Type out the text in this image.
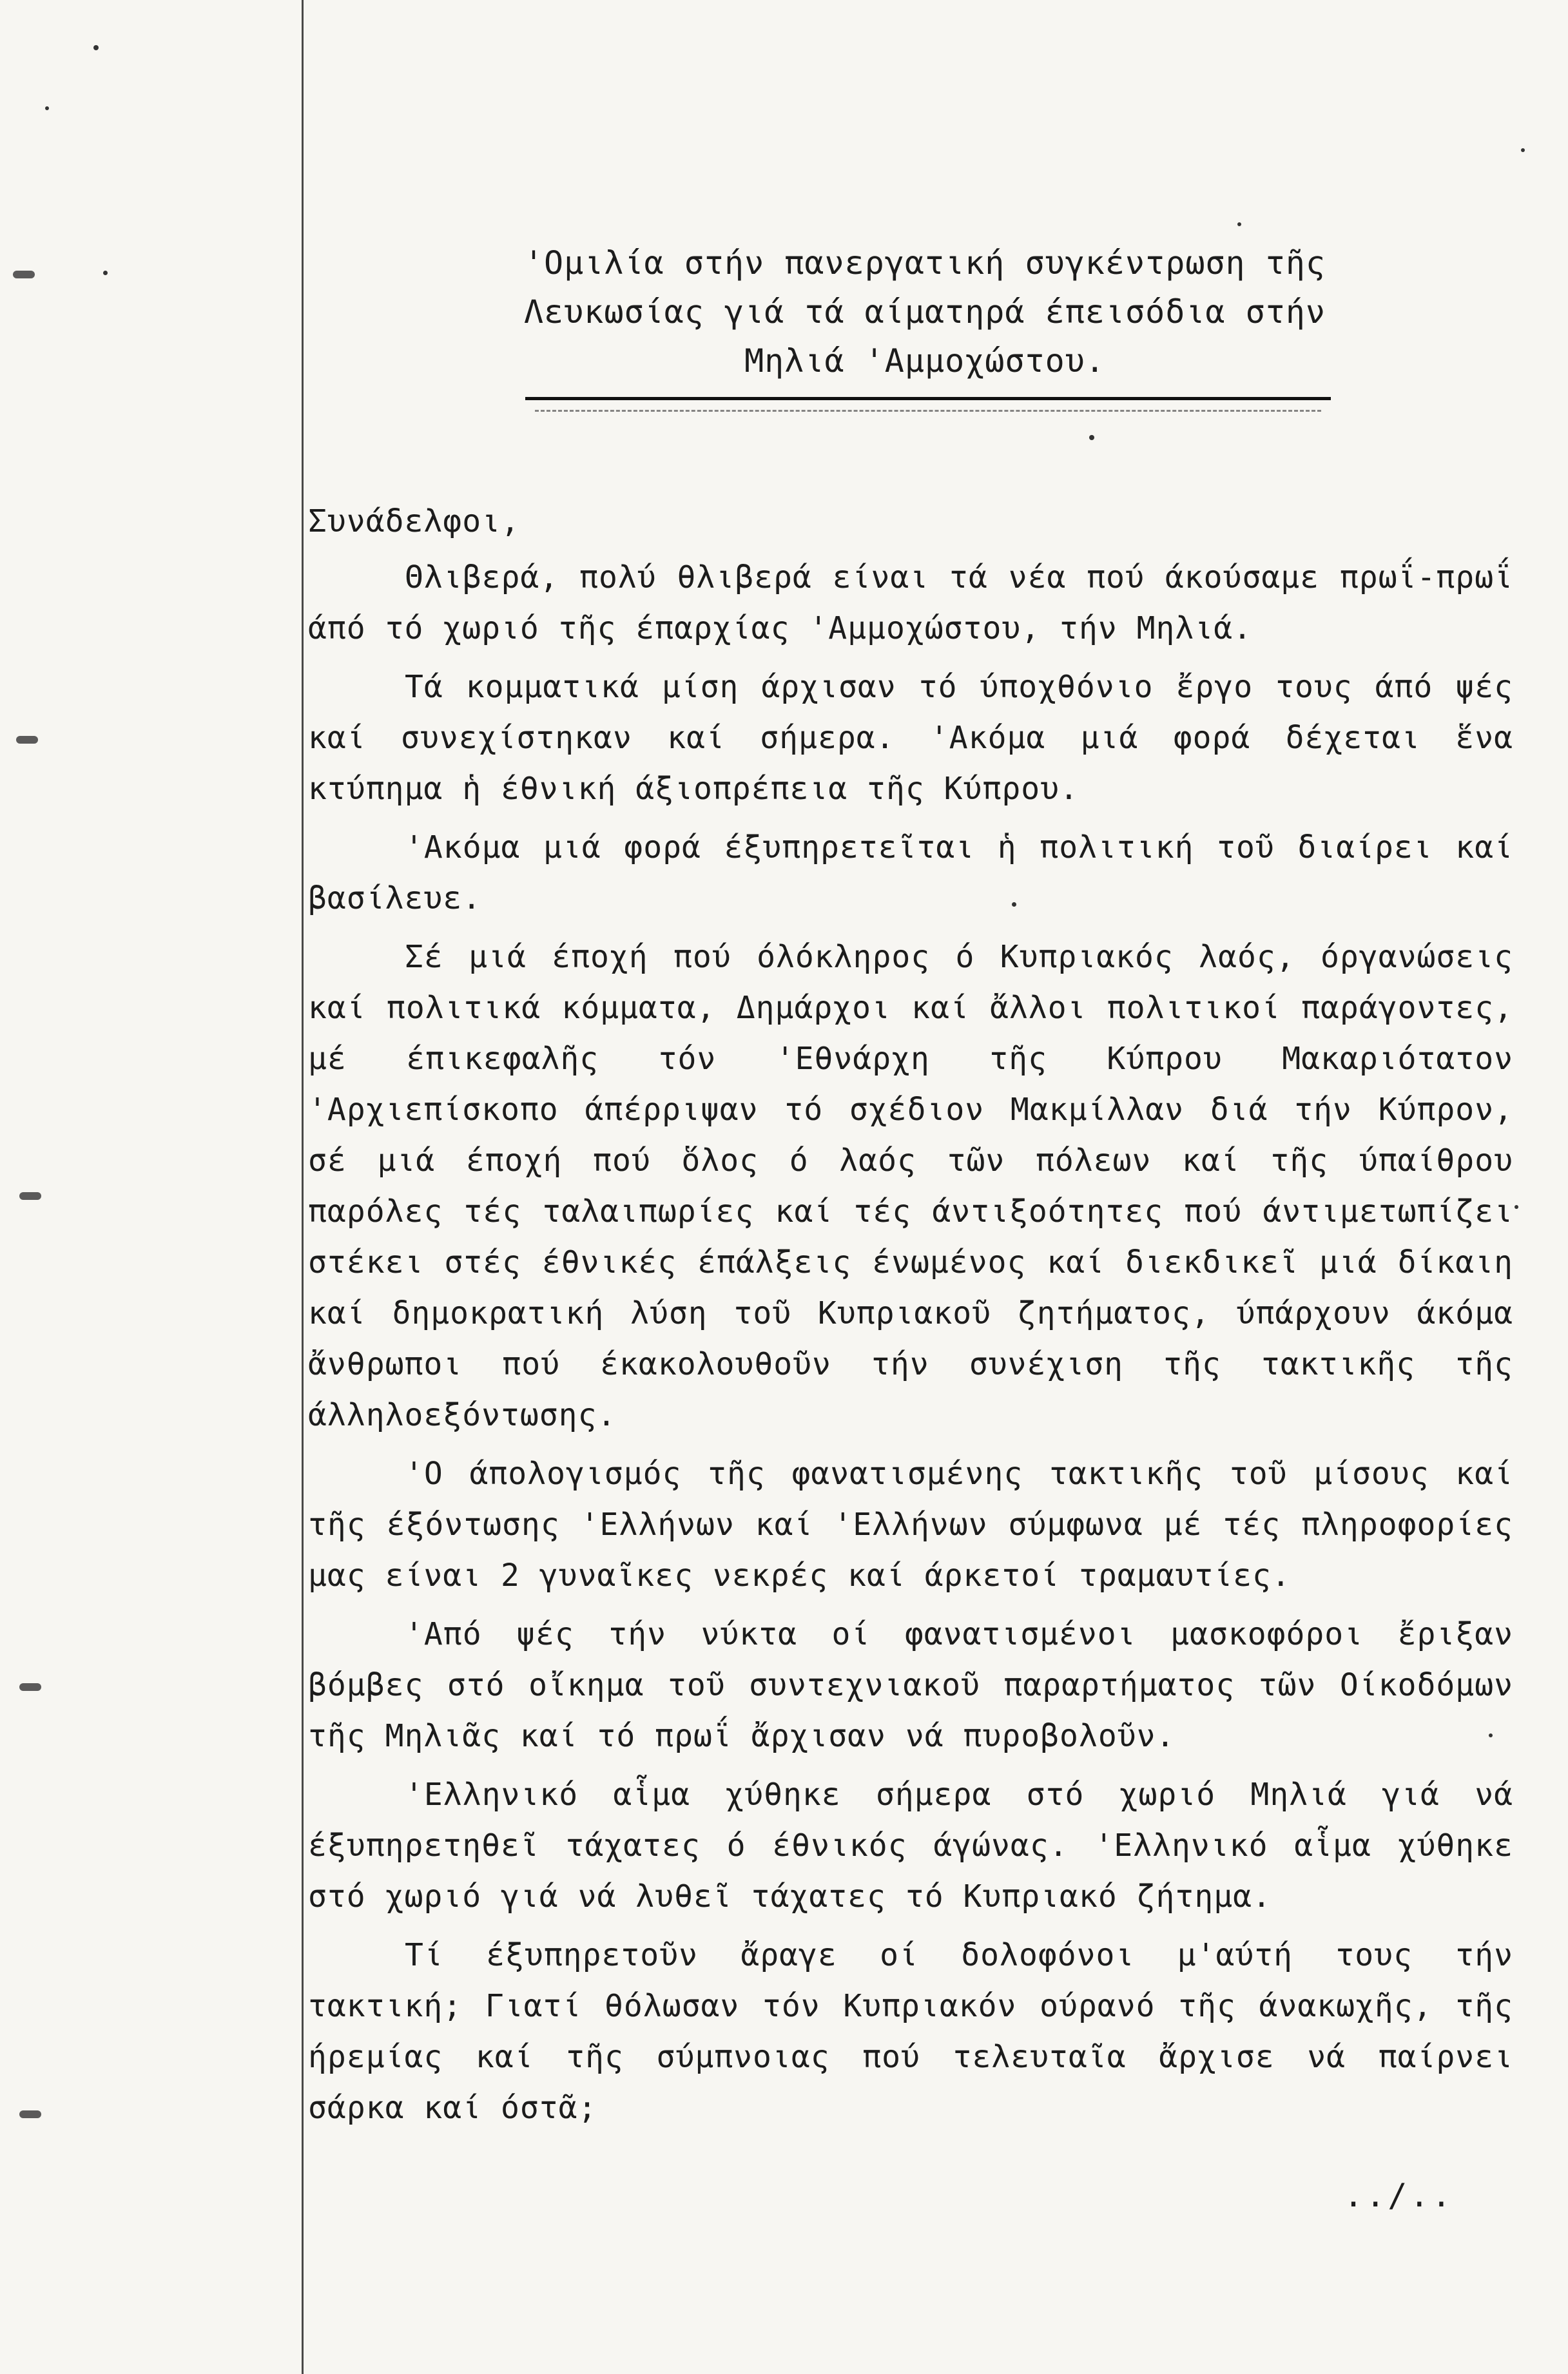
'Ομιλία στήν πανεργατική συγκέντρωση τῆς
Λευκωσίας γιά τά αίματηρά έπεισόδια στήν
Μηλιά 'Αμμοχώστου.

Συνάδελφοι,

Θλιβερά, πολύ θλιβερά είναι τά νέα πού άκούσαμε πρωΐ-πρωΐ άπό τό χωριό τῆς έπαρχίας 'Αμμοχώστου, τήν Μηλιά.

Τά κομματικά μίση άρχισαν τό ύποχθόνιο ἔργο τους άπό ψές καί συνεχίστηκαν καί σήμερα. 'Ακόμα μιά φορά δέχεται ἕνα κτύπημα ἡ έθνική άξιοπρέπεια τῆς Κύπρου.

'Ακόμα μιά φορά έξυπηρετεῖται ἡ πολιτική τοῦ διαίρει καί βασίλευε.

Σέ μιά έποχή πού όλόκληρος ό Κυπριακός λαός, όργανώσεις καί πολιτικά κόμματα, Δημάρχοι καί ἄλλοι πολιτικοί παράγοντες, μέ έπικεφαλῆς τόν 'Εθνάρχη τῆς Κύπρου Μακαριότατον 'Αρχιεπίσκοπο άπέρριψαν τό σχέδιον Μακμίλλαν διά τήν Κύπρον, σέ μιά έποχή πού ὅλος ό λαός τῶν πόλεων καί τῆς ύπαίθρου παρόλες τές ταλαιπωρίες καί τές άντιξοότητες πού άντιμετωπίζει στέκει στές έθνικές έπάλξεις ένωμένος καί διεκδικεῖ μιά δίκαιη καί δημοκρατική λύση τοῦ Κυπριακοῦ ζητήματος, ύπάρχουν άκόμα ἄνθρωποι πού έκακολουθοῦν τήν συνέχιση τῆς τακτικῆς τῆς άλληλοεξόντωσης.

'Ο άπολογισμός τῆς φανατισμένης τακτικῆς τοῦ μίσους καί τῆς έξόντωσης 'Ελλήνων καί 'Ελλήνων σύμφωνα μέ τές πληροφορίες μας είναι 2 γυναῖκες νεκρές καί άρκετοί τραμαυτίες.

'Από ψές τήν νύκτα οί φανατισμένοι μασκοφόροι ἔριξαν βόμβες στό οἴκημα τοῦ συντεχνιακοῦ παραρτήματος τῶν Οίκοδόμων τῆς Μηλιᾶς καί τό πρωΐ ἄρχισαν νά πυροβολοῦν.

'Ελληνικό αἷμα χύθηκε σήμερα στό χωριό Μηλιά γιά νά έξυπηρετηθεῖ τάχατες ό έθνικός άγώνας. 'Ελληνικό αἷμα χύθηκε στό χωριό γιά νά λυθεῖ τάχατες τό Κυπριακό ζήτημα.

Τί έξυπηρετοῦν ἄραγε οί δολοφόνοι μ'αύτή τους τήν τακτική; Γιατί θόλωσαν τόν Κυπριακόν ούρανό τῆς άνακωχῆς, τῆς ήρεμίας καί τῆς σύμπνοιας πού τελευταῖα ἄρχισε νά παίρνει σάρκα καί όστᾶ;

../..
